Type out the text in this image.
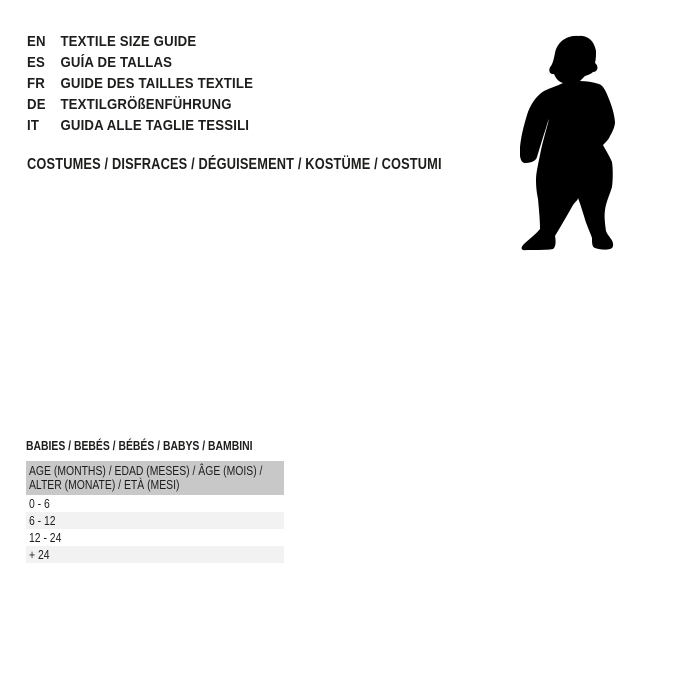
EN TEXTILE SIZE GUIDE
ES	GUÍA DE TALLAS
FR	GUIDE DES TAILLES TEXTILE
DE TEXTILGRÖßENFÜHRUNG
IT	GUIDA ALLE TAGLIE TESSILI
COSTUMES / DISFRACES / DÉGUISEMENT / KOSTÜME / COSTUMI
BABIES / BEBÉS / BÉBÉS / BABYS / BAMBINI
AGE (MONTHS) / EDAD (MESES) / ÂGE (MOIS) /
ALTER (MONATE) / ETÀ (MESI)
0 - 6
6 - 12
12 - 24
+ 24
